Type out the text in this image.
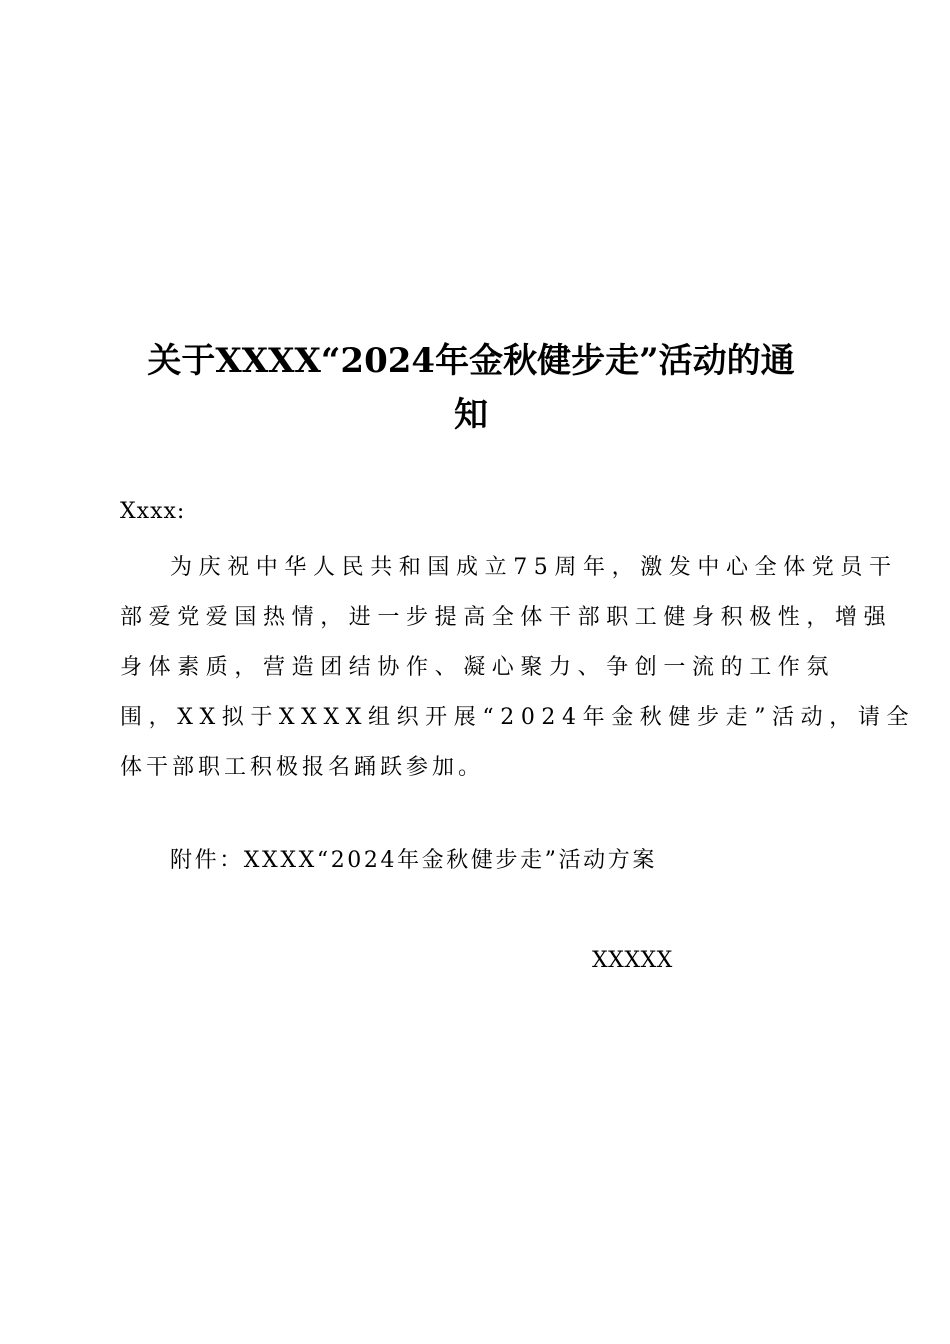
关于XXXX“2024年金秋健步走”活动的通
知

Xxxx:

为庆祝中华人民共和国成立75周年，激发中心全体党员干
部爱党爱国热情，进一步提高全体干部职工健身积极性，增强
身体素质，营造团结协作、凝心聚力、争创一流的工作氛
围，XX拟于XXXX组织开展“2024年金秋健步走”活动，请全
体干部职工积极报名踊跃参加。

附件：XXXX“2024年金秋健步走”活动方案

XXXXX
